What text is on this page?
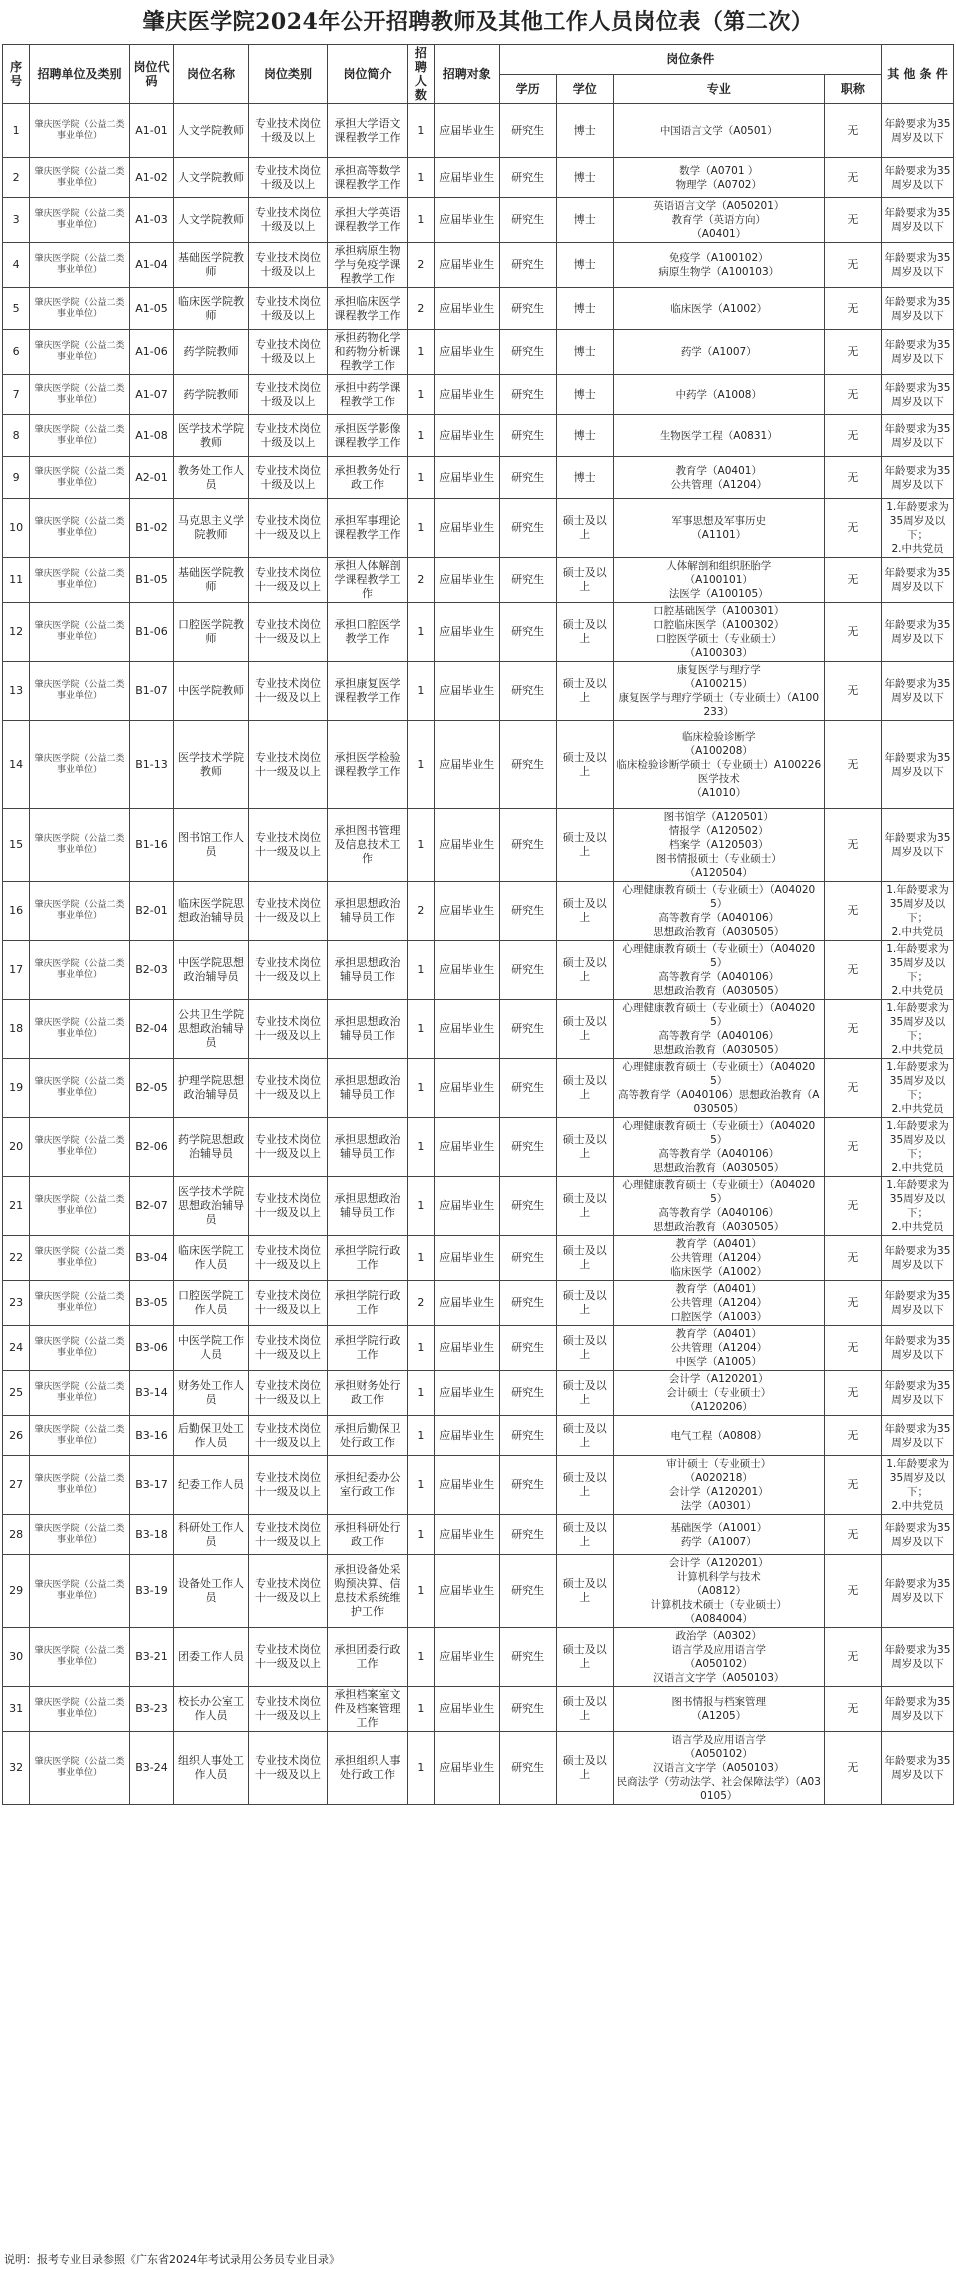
肇庆医学院2024年公开招聘教师及其他工作人员岗位表（第二次）
序号	招聘单位及类别	岗位代码	岗位名称	岗位类别	岗位简介	招聘人数	招聘对象	岗位条件				其 他 条 件
								学历	学位	专业	职称	
1	肇庆医学院（公益二类事业单位）	A1-01	人文学院教师	专业技术岗位十级及以上	承担大学语文课程教学工作	1	应届毕业生	研究生	博士	中国语言文学（A0501）	无	年龄要求为35周岁及以下
2	肇庆医学院（公益二类事业单位）	A1-02	人文学院教师	专业技术岗位十级及以上	承担高等数学课程教学工作	1	应届毕业生	研究生	博士	数学（A0701 ）
物理学（A0702）	无	年龄要求为35周岁及以下
3	肇庆医学院（公益二类事业单位）	A1-03	人文学院教师	专业技术岗位十级及以上	承担大学英语课程教学工作	1	应届毕业生	研究生	博士	英语语言文学（A050201）
教育学（英语方向）
（A0401）	无	年龄要求为35周岁及以下
4	肇庆医学院（公益二类事业单位）	A1-04	基础医学院教师	专业技术岗位十级及以上	承担病原生物学与免疫学课程教学工作	2	应届毕业生	研究生	博士	免疫学（A100102）
病原生物学（A100103）	无	年龄要求为35周岁及以下
5	肇庆医学院（公益二类事业单位）	A1-05	临床医学院教师	专业技术岗位十级及以上	承担临床医学课程教学工作	2	应届毕业生	研究生	博士	临床医学（A1002）	无	年龄要求为35周岁及以下
6	肇庆医学院（公益二类事业单位）	A1-06	药学院教师	专业技术岗位十级及以上	承担药物化学和药物分析课程教学工作	1	应届毕业生	研究生	博士	药学（A1007）	无	年龄要求为35周岁及以下
7	肇庆医学院（公益二类事业单位）	A1-07	药学院教师	专业技术岗位十级及以上	承担中药学课程教学工作	1	应届毕业生	研究生	博士	中药学（A1008）	无	年龄要求为35周岁及以下
8	肇庆医学院（公益二类事业单位）	A1-08	医学技术学院教师	专业技术岗位十级及以上	承担医学影像课程教学工作	1	应届毕业生	研究生	博士	生物医学工程（A0831）	无	年龄要求为35周岁及以下
9	肇庆医学院（公益二类事业单位）	A2-01	教务处工作人员	专业技术岗位十级及以上	承担教务处行政工作	1	应届毕业生	研究生	博士	教育学（A0401）
公共管理（A1204）	无	年龄要求为35周岁及以下
10	肇庆医学院（公益二类事业单位）	B1-02	马克思主义学院教师	专业技术岗位十一级及以上	承担军事理论课程教学工作	1	应届毕业生	研究生	硕士及以上	军事思想及军事历史
（A1101）	无	1.年龄要求为35周岁及以下；
2.中共党员
11	肇庆医学院（公益二类事业单位）	B1-05	基础医学院教师	专业技术岗位十一级及以上	承担人体解剖学课程教学工作	2	应届毕业生	研究生	硕士及以上	人体解剖和组织胚胎学
（A100101）
法医学（A100105）	无	年龄要求为35周岁及以下
12	肇庆医学院（公益二类事业单位）	B1-06	口腔医学院教师	专业技术岗位十一级及以上	承担口腔医学教学工作	1	应届毕业生	研究生	硕士及以上	口腔基础医学（A100301）
口腔临床医学（A100302）
口腔医学硕士（专业硕士）
（A100303）	无	年龄要求为35周岁及以下
13	肇庆医学院（公益二类事业单位）	B1-07	中医学院教师	专业技术岗位十一级及以上	承担康复医学课程教学工作	1	应届毕业生	研究生	硕士及以上	康复医学与理疗学
（A100215）
康复医学与理疗学硕士（专业硕士）（A100233）	无	年龄要求为35周岁及以下
14	肇庆医学院（公益二类事业单位）	B1-13	医学技术学院教师	专业技术岗位十一级及以上	承担医学检验课程教学工作	1	应届毕业生	研究生	硕士及以上	临床检验诊断学
（A100208）
临床检验诊断学硕士（专业硕士）A100226
医学技术
（A1010）	无	年龄要求为35周岁及以下
15	肇庆医学院（公益二类事业单位）	B1-16	图书馆工作人员	专业技术岗位十一级及以上	承担图书管理及信息技术工作	1	应届毕业生	研究生	硕士及以上	图书馆学（A120501）
情报学（A120502）
档案学（A120503）
图书情报硕士（专业硕士）
（A120504）	无	年龄要求为35周岁及以下
16	肇庆医学院（公益二类事业单位）	B2-01	临床医学院思想政治辅导员	专业技术岗位十一级及以上	承担思想政治辅导员工作	2	应届毕业生	研究生	硕士及以上	心理健康教育硕士（专业硕士）（A040205）
高等教育学（A040106）
思想政治教育（A030505）	无	1.年龄要求为35周岁及以下；
2.中共党员
17	肇庆医学院（公益二类事业单位）	B2-03	中医学院思想政治辅导员	专业技术岗位十一级及以上	承担思想政治辅导员工作	1	应届毕业生	研究生	硕士及以上	心理健康教育硕士（专业硕士）（A040205）
高等教育学（A040106）
思想政治教育（A030505）	无	1.年龄要求为35周岁及以下；
2.中共党员
18	肇庆医学院（公益二类事业单位）	B2-04	公共卫生学院思想政治辅导员	专业技术岗位十一级及以上	承担思想政治辅导员工作	1	应届毕业生	研究生	硕士及以上	心理健康教育硕士（专业硕士）（A040205）
高等教育学（A040106）
思想政治教育（A030505）	无	1.年龄要求为35周岁及以下；
2.中共党员
19	肇庆医学院（公益二类事业单位）	B2-05	护理学院思想政治辅导员	专业技术岗位十一级及以上	承担思想政治辅导员工作	1	应届毕业生	研究生	硕士及以上	心理健康教育硕士（专业硕士）（A040205）
高等教育学（A040106）思想政治教育（A030505）	无	1.年龄要求为35周岁及以下；
2.中共党员
20	肇庆医学院（公益二类事业单位）	B2-06	药学院思想政治辅导员	专业技术岗位十一级及以上	承担思想政治辅导员工作	1	应届毕业生	研究生	硕士及以上	心理健康教育硕士（专业硕士）（A040205）
高等教育学（A040106）
思想政治教育（A030505）	无	1.年龄要求为35周岁及以下；
2.中共党员
21	肇庆医学院（公益二类事业单位）	B2-07	医学技术学院思想政治辅导员	专业技术岗位十一级及以上	承担思想政治辅导员工作	1	应届毕业生	研究生	硕士及以上	心理健康教育硕士（专业硕士）（A040205）
高等教育学（A040106）
思想政治教育（A030505）	无	1.年龄要求为35周岁及以下；
2.中共党员
22	肇庆医学院（公益二类事业单位）	B3-04	临床医学院工作人员	专业技术岗位十一级及以上	承担学院行政工作	1	应届毕业生	研究生	硕士及以上	教育学（A0401）
公共管理（A1204）
临床医学（A1002）	无	年龄要求为35周岁及以下
23	肇庆医学院（公益二类事业单位）	B3-05	口腔医学院工作人员	专业技术岗位十一级及以上	承担学院行政工作	2	应届毕业生	研究生	硕士及以上	教育学（A0401）
公共管理（A1204）
口腔医学（A1003）	无	年龄要求为35周岁及以下
24	肇庆医学院（公益二类事业单位）	B3-06	中医学院工作人员	专业技术岗位十一级及以上	承担学院行政工作	1	应届毕业生	研究生	硕士及以上	教育学（A0401）
公共管理（A1204）
中医学（A1005）	无	年龄要求为35周岁及以下
25	肇庆医学院（公益二类事业单位）	B3-14	财务处工作人员	专业技术岗位十一级及以上	承担财务处行政工作	1	应届毕业生	研究生	硕士及以上	会计学（A120201）
会计硕士（专业硕士）
（A120206）	无	年龄要求为35周岁及以下
26	肇庆医学院（公益二类事业单位）	B3-16	后勤保卫处工作人员	专业技术岗位十一级及以上	承担后勤保卫处行政工作	1	应届毕业生	研究生	硕士及以上	电气工程（A0808）	无	年龄要求为35周岁及以下
27	肇庆医学院（公益二类事业单位）	B3-17	纪委工作人员	专业技术岗位十一级及以上	承担纪委办公室行政工作	1	应届毕业生	研究生	硕士及以上	审计硕士（专业硕士）
（A020218）
会计学（A120201）
法学（A0301）	无	1.年龄要求为35周岁及以下；
2.中共党员
28	肇庆医学院（公益二类事业单位）	B3-18	科研处工作人员	专业技术岗位十一级及以上	承担科研处行政工作	1	应届毕业生	研究生	硕士及以上	基础医学（A1001）
药学（A1007）	无	年龄要求为35周岁及以下
29	肇庆医学院（公益二类事业单位）	B3-19	设备处工作人员	专业技术岗位十一级及以上	承担设备处采购预决算、信息技术系统维护工作	1	应届毕业生	研究生	硕士及以上	会计学（A120201）
计算机科学与技术
（A0812）
计算机技术硕士（专业硕士）
（A084004）	无	年龄要求为35周岁及以下
30	肇庆医学院（公益二类事业单位）	B3-21	团委工作人员	专业技术岗位十一级及以上	承担团委行政工作	1	应届毕业生	研究生	硕士及以上	政治学（A0302）
语言学及应用语言学
（A050102）
汉语言文字学（A050103）	无	年龄要求为35周岁及以下
31	肇庆医学院（公益二类事业单位）	B3-23	校长办公室工作人员	专业技术岗位十一级及以上	承担档案室文件及档案管理工作	1	应届毕业生	研究生	硕士及以上	图书情报与档案管理
（A1205）	无	年龄要求为35周岁及以下
32	肇庆医学院（公益二类事业单位）	B3-24	组织人事处工作人员	专业技术岗位十一级及以上	承担组织人事处行政工作	1	应届毕业生	研究生	硕士及以上	语言学及应用语言学
（A050102）
汉语言文字学（A050103）
民商法学（劳动法学、社会保障法学）（A030105）	无	年龄要求为35周岁及以下
说明：报考专业目录参照《广东省2024年考试录用公务员专业目录》
